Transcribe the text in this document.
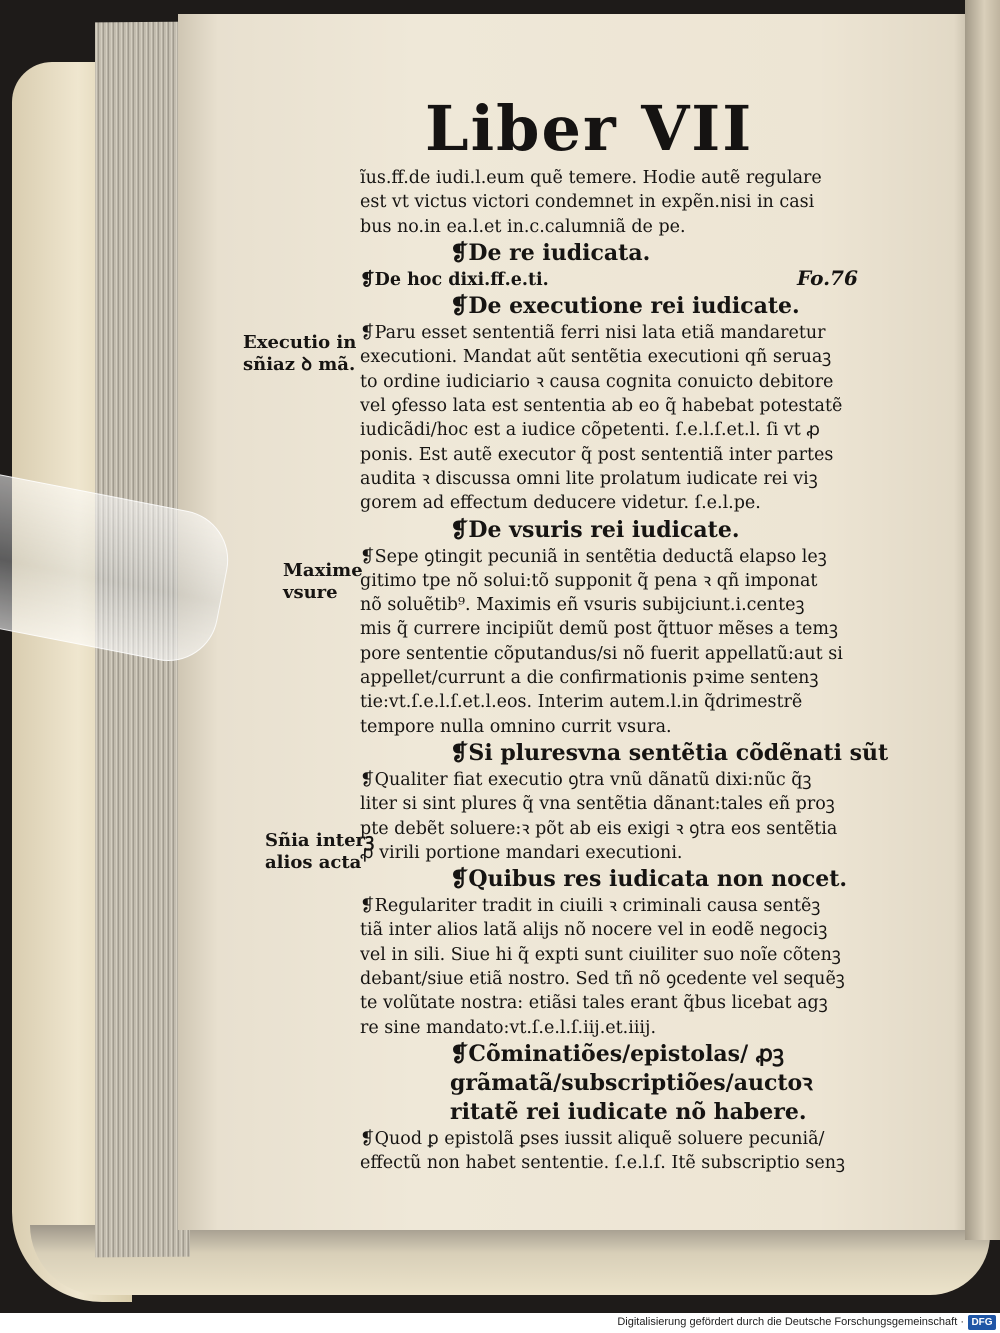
Liber VII
Fo.76
ĩus.ff.de iudi.l.eum quẽ temere. Hodie autẽ regulare
est vt victus victori condemnet in expẽn.nisi in casi
bus no.in ea.l.et in.c.calumniã de pe.
❡De re iudicata.
❡De hoc dixi.ff.e.ti.
❡De executione rei iudicate.
❡Paru esset sententiã ferri nisi lata etiã mandaretur
executioni. Mandat aũt sentẽtia executioni qñ seruaꝫ
to ordine iudiciario ꝛ causa cognita conuicto debitore
vel ꝯfesso lata est sententia ab eo q̃ habebat potestatẽ
iudicãdi/hoc est a iudice cõpetenti. ſ.e.l.ſ.et.l. ſi vt ꝓ
ponis. Est autẽ executor q̃ post sententiã inter partes
audita ꝛ discussa omni lite prolatum iudicate rei viꝫ
gorem ad effectum deducere videtur. ſ.e.l.pe.
❡De vsuris rei iudicate.
❡Sepe ꝯtingit pecuniã in sentẽtia deductã elapso leꝫ
gitimo tpe nõ solui:tõ supponit q̃ pena ꝛ qñ imponat
nõ soluẽtib⁹. Maximis eñ vsuris subijciunt.i.centeꝫ
mis q̃ currere incipiũt demũ post q̃ttuor mẽses a temꝫ
pore sententie cõputandus/si nõ fuerit appellatũ:aut si
appellet/currunt a die confirmationis pꝛime sentenꝫ
tie:vt.ſ.e.l.ſ.et.l.eos. Interim autem.l.in q̃drimestrẽ
tempore nulla omnino currit vsura.
❡Si pluresvna sentẽtia cõdẽnati sũt
❡Qualiter fiat executio ꝯtra vnũ dãnatũ dixi:nũc q̃ꝫ
liter si sint plures q̃ vna sentẽtia dãnant:tales eñ proꝫ
pte debẽt soluere:ꝛ põt ab eis exigi ꝛ ꝯtra eos sentẽtia
ꝓ virili portione mandari executioni.
❡Quibus res iudicata non nocet.
❡Regulariter tradit in ciuili ꝛ criminali causa sentẽꝫ
tiã inter alios latã alijs nõ nocere vel in eodẽ negociꝫ
vel in sili. Siue hi q̃ expti sunt ciuiliter suo noĩe cõtenꝫ
debant/siue etiã nostro. Sed tñ nõ ꝯcedente vel sequẽꝫ
te volũtate nostra: etiãsi tales erant q̃bus licebat agꝫ
re sine mandato:vt.ſ.e.l.ſ.iij.et.iiij.
❡Cõminatiões/epistolas/ ꝓꝫ
grãmatã/subscriptiões/auctoꝛ
ritatẽ rei iudicate nõ habere.
❡Quod ꝑ epistolã ꝑses iussit aliquẽ soluere pecuniã/
effectũ non habet sententie. ſ.e.l.ſ. Itẽ subscriptio senꝫ
Executio in
sñiaz ꝺ mã.
Maxime
vsure
Sñia interꝫ
alios acta
Digitalisierung gefördert durch die Deutsche Forschungsgemeinschaft · DFG
